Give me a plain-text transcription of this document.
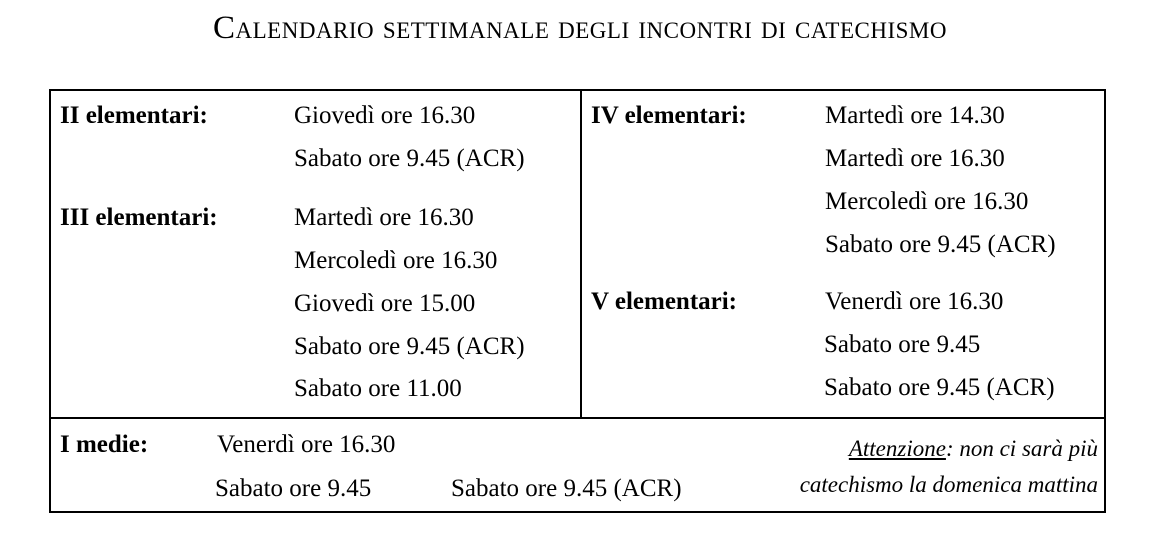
Calendario settimanale degli incontri di catechismo
II elementari:	Giovedì ore 16.30
Sabato ore 9.45 (ACR)
III elementari:	Martedì ore 16.30
Mercoledì ore 16.30
Giovedì ore 15.00
Sabato ore 9.45 (ACR)
Sabato ore 11.00
IV elementari:	Martedì ore 14.30
Martedì ore 16.30
Mercoledì ore 16.30
Sabato ore 9.45 (ACR)
V elementari:	Venerdì ore 16.30
Sabato ore 9.45
Sabato ore 9.45 (ACR)
I medie:	Venerdì ore 16.30
Sabato ore 9.45	Sabato ore 9.45 (ACR)
Attenzione: non ci sarà più
catechismo la domenica mattina
